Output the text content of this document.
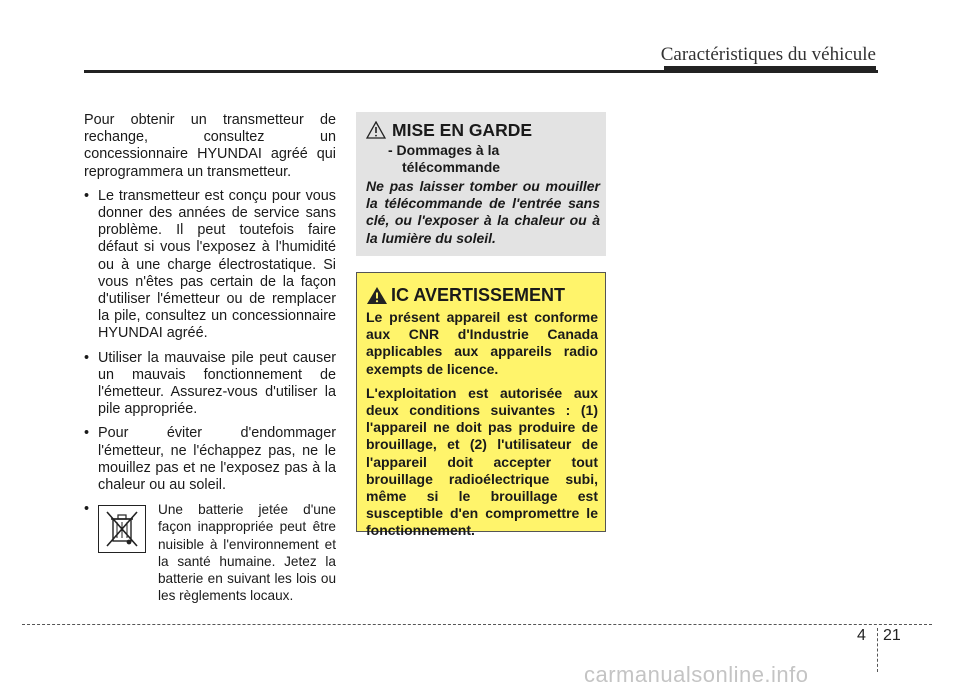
Caractéristiques du véhicule

Pour obtenir un transmetteur de rechange, consultez un concessionnaire HYUNDAI agréé qui reprogrammera un transmetteur.

• Le transmetteur est conçu pour vous donner des années de service sans problème. Il peut toutefois faire défaut si vous l'exposez à l'humidité ou à une charge électrostatique. Si vous n'êtes pas certain de la façon d'utiliser l'émetteur ou de remplacer la pile, consultez un concessionnaire HYUNDAI agréé.
• Utiliser la mauvaise pile peut causer un mauvais fonctionnement de l'émetteur. Assurez-vous d'utiliser la pile appropriée.
• Pour éviter d'endommager l'émetteur, ne l'échappez pas, ne le mouillez pas et ne l'exposez pas à la chaleur ou au soleil.
•	Une batterie jetée d'une façon inappropriée peut être nuisible à l'environnement et la santé humaine. Jetez la batterie en suivant les lois ou les règlements locaux.
MISE EN GARDE
- Dommages à la
télécommande
Ne pas laisser tomber ou mouiller la télécommande de l'entrée sans clé, ou l'exposer à la chaleur ou à la lumière du soleil.
IC AVERTISSEMENT

Le présent appareil est conforme aux CNR d'Industrie Canada applicables aux appareils radio exempts de licence.

L'exploitation est autorisée aux deux conditions suivantes : (1) l'appareil ne doit pas produire de brouillage, et (2) l'utilisateur de l'appareil doit accepter tout brouillage radioélectrique subi, même si le brouillage est susceptible d'en compromettre le fonctionnement.

4 21
carmanualsonline.info
